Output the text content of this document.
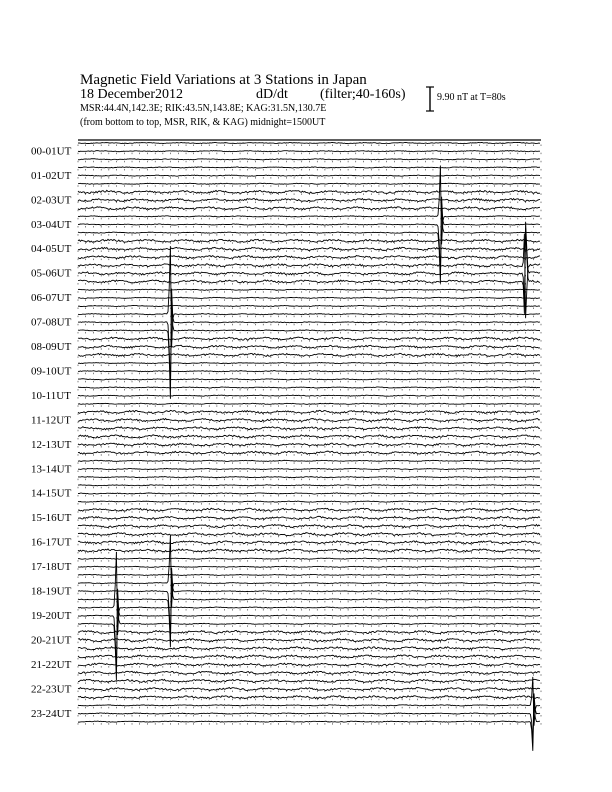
Magnetic Field Variations at 3 Stations in Japan
18 December2012	dD/dt (filter;40-160s)
MSR:44.4N,142.3E; RIK:43.5N,143.8E; KAG:31.5N,130.7E
(from bottom to top, MSR, RIK, & KAG) midnight=1500UT
9.90 nT at T=80s
00-01UT
01-02UT
02-03UT
03-04UT
04-05UT
05-06UT
06-07UT
07-08UT
08-09UT
09-10UT
10-11UT
11-12UT
12-13UT
13-14UT
14-15UT
15-16UT
16-17UT
17-18UT
18-19UT
19-20UT
20-21UT
21-22UT
22-23UT
23-24UT
